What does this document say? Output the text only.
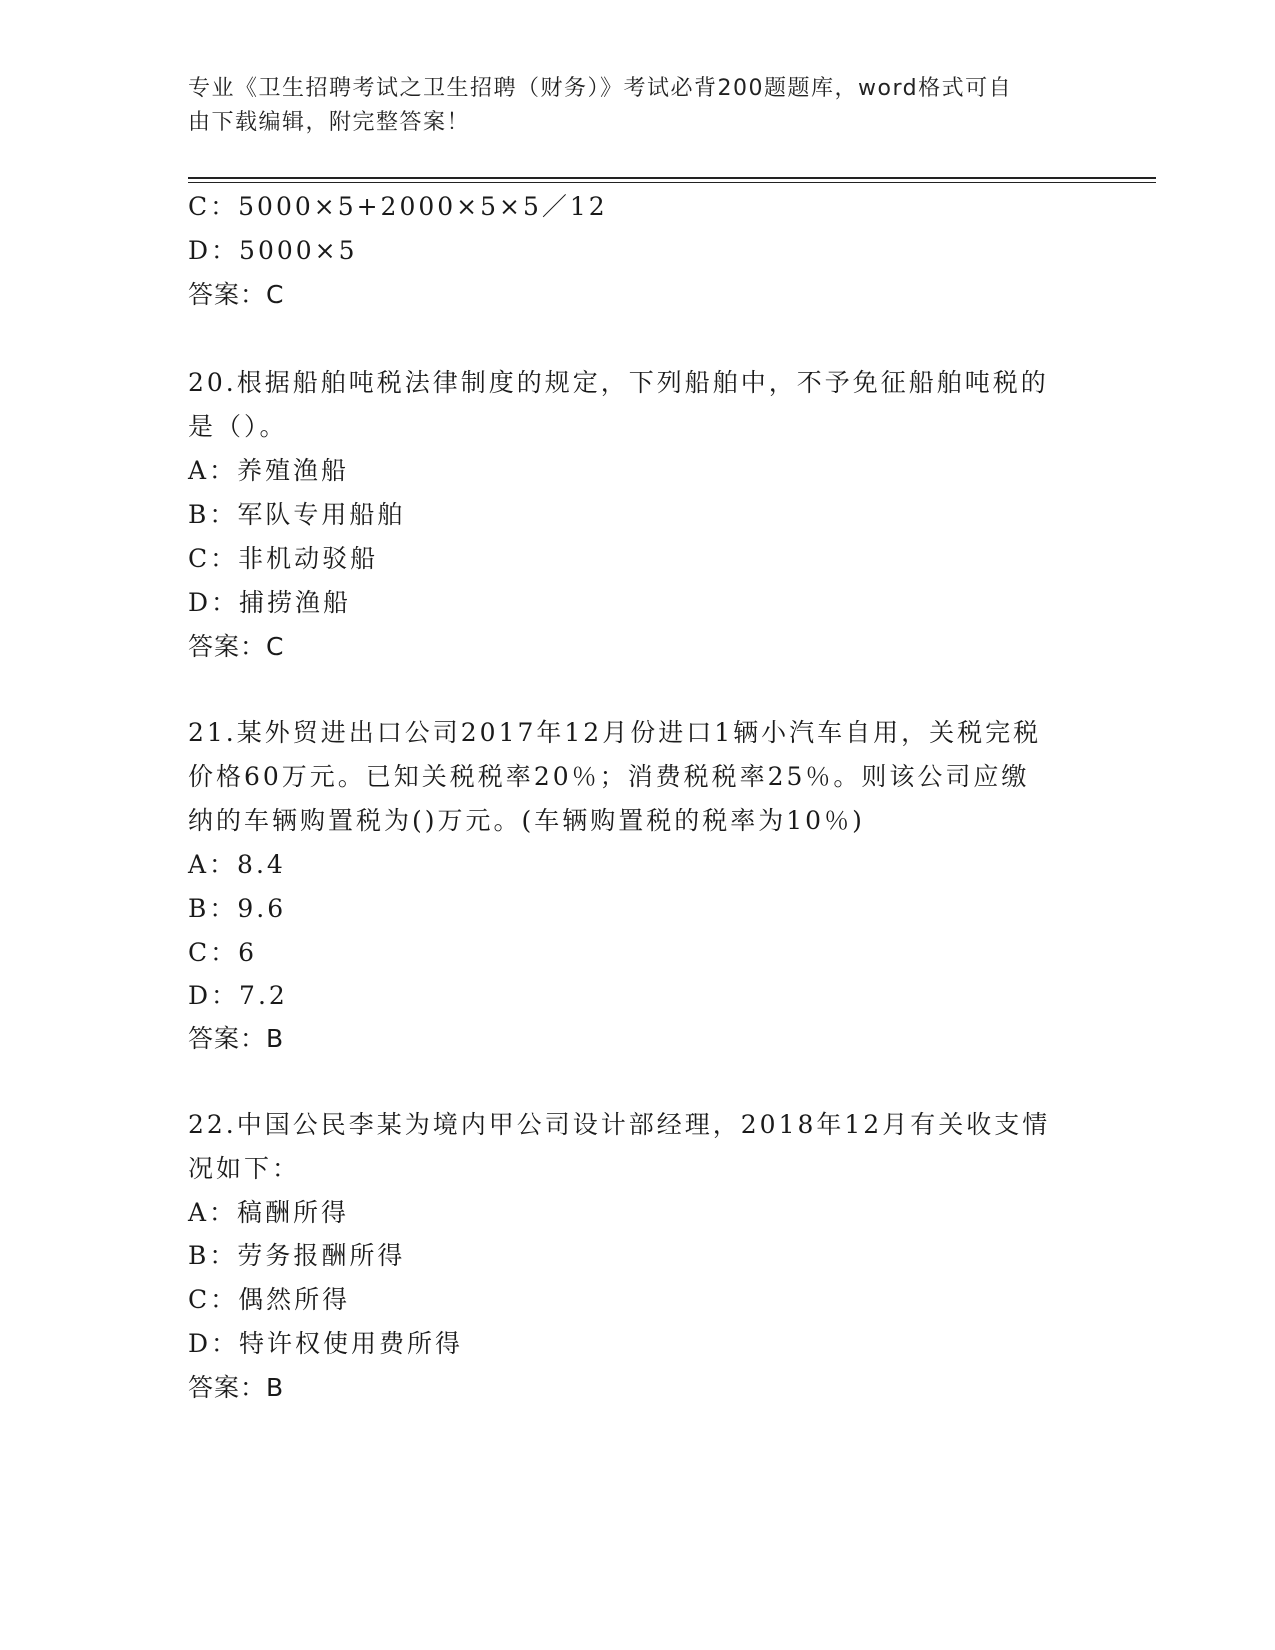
专业《卫生招聘考试之卫生招聘（财务）》考试必背200题题库，word格式可自
由下载编辑，附完整答案！
C：5000×5+2000×5×5／12
D：5000×5
答案：C
20.根据船舶吨税法律制度的规定，下列船舶中，不予免征船舶吨税的
是（）。
A：养殖渔船
B：军队专用船舶
C：非机动驳船
D：捕捞渔船
答案：C
21.某外贸进出口公司2017年12月份进口1辆小汽车自用，关税完税
价格60万元。已知关税税率20％；消费税税率25％。则该公司应缴
纳的车辆购置税为()万元。(车辆购置税的税率为10％)
A：8.4
B：9.6
C：6
D：7.2
答案：B
22.中国公民李某为境内甲公司设计部经理，2018年12月有关收支情
况如下：
A：稿酬所得
B：劳务报酬所得
C：偶然所得
D：特许权使用费所得
答案：B
